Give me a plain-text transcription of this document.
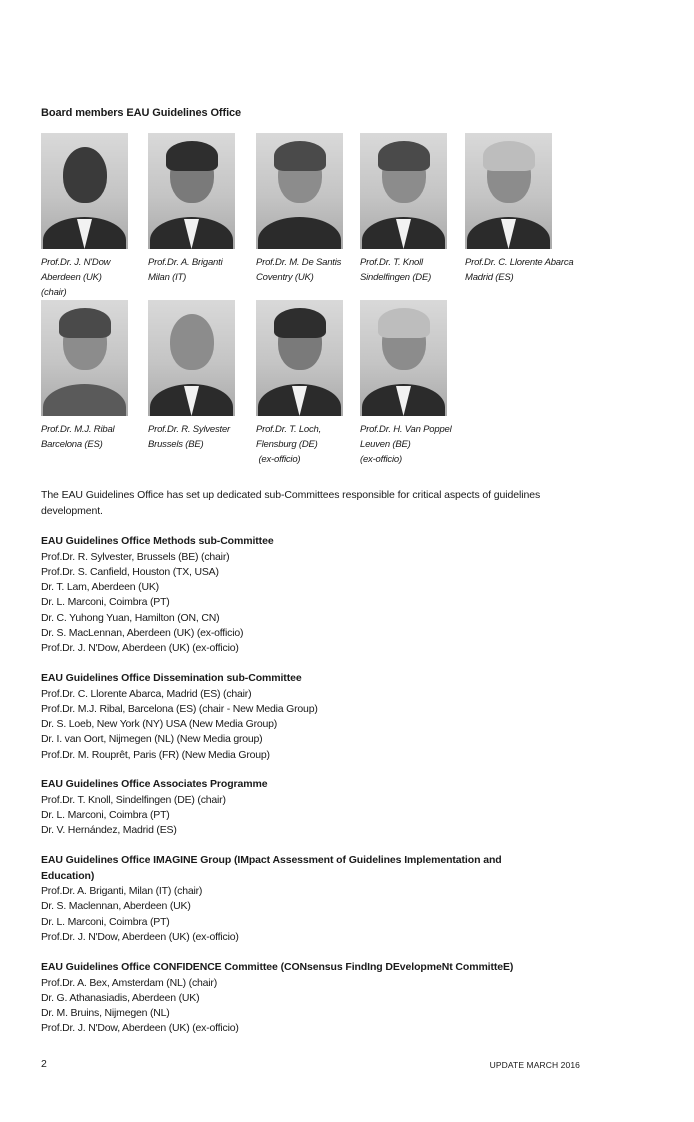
Board members EAU Guidelines Office
Prof.Dr. J. N'Dow
Aberdeen (UK)
(chair)
Prof.Dr. A. Briganti
Milan (IT)
Prof.Dr. M. De Santis
Coventry (UK)
Prof.Dr. T. Knoll
Sindelfingen (DE)
Prof.Dr. C. Llorente Abarca
Madrid (ES)
Prof.Dr. M.J. Ribal
Barcelona (ES)
Prof.Dr. R. Sylvester
Brussels (BE)
Prof.Dr. T. Loch,
Flensburg (DE)
(ex-officio)
Prof.Dr. H. Van Poppel
Leuven (BE)
(ex-officio)

The EAU Guidelines Office has set up dedicated sub-Committees responsible for critical aspects of guidelines development.

EAU Guidelines Office Methods sub-Committee
Prof.Dr. R. Sylvester, Brussels (BE) (chair)
Prof.Dr. S. Canfield, Houston (TX, USA)
Dr. T. Lam, Aberdeen (UK)
Dr. L. Marconi, Coimbra (PT)
Dr. C. Yuhong Yuan, Hamilton (ON, CN)
Dr. S. MacLennan, Aberdeen (UK) (ex-officio)
Prof.Dr. J. N'Dow, Aberdeen (UK) (ex-officio)
EAU Guidelines Office Dissemination sub-Committee
Prof.Dr. C. Llorente Abarca, Madrid (ES) (chair)
Prof.Dr. M.J. Ribal, Barcelona (ES) (chair - New Media Group)
Dr. S. Loeb, New York (NY) USA (New Media Group)
Dr. I. van Oort, Nijmegen (NL) (New Media group)
Prof.Dr. M. Rouprêt, Paris (FR) (New Media Group)
EAU Guidelines Office Associates Programme
Prof.Dr. T. Knoll, Sindelfingen (DE) (chair)
Dr. L. Marconi, Coimbra (PT)
Dr. V. Hernández, Madrid (ES)
EAU Guidelines Office IMAGINE Group (IMpact Assessment of Guidelines Implementation and Education)
Prof.Dr. A. Briganti, Milan (IT) (chair)
Dr. S. Maclennan, Aberdeen (UK)
Dr. L. Marconi, Coimbra (PT)
Prof.Dr. J. N'Dow, Aberdeen (UK) (ex-officio)
EAU Guidelines Office CONFIDENCE Committee (CONsensus FindIng DEvelopmeNt CommitteE)
Prof.Dr. A. Bex, Amsterdam (NL) (chair)
Dr. G. Athanasiadis, Aberdeen (UK)
Dr. M. Bruins, Nijmegen (NL)
Prof.Dr. J. N'Dow, Aberdeen (UK) (ex-officio)
2	UPDATE MARCH 2016
